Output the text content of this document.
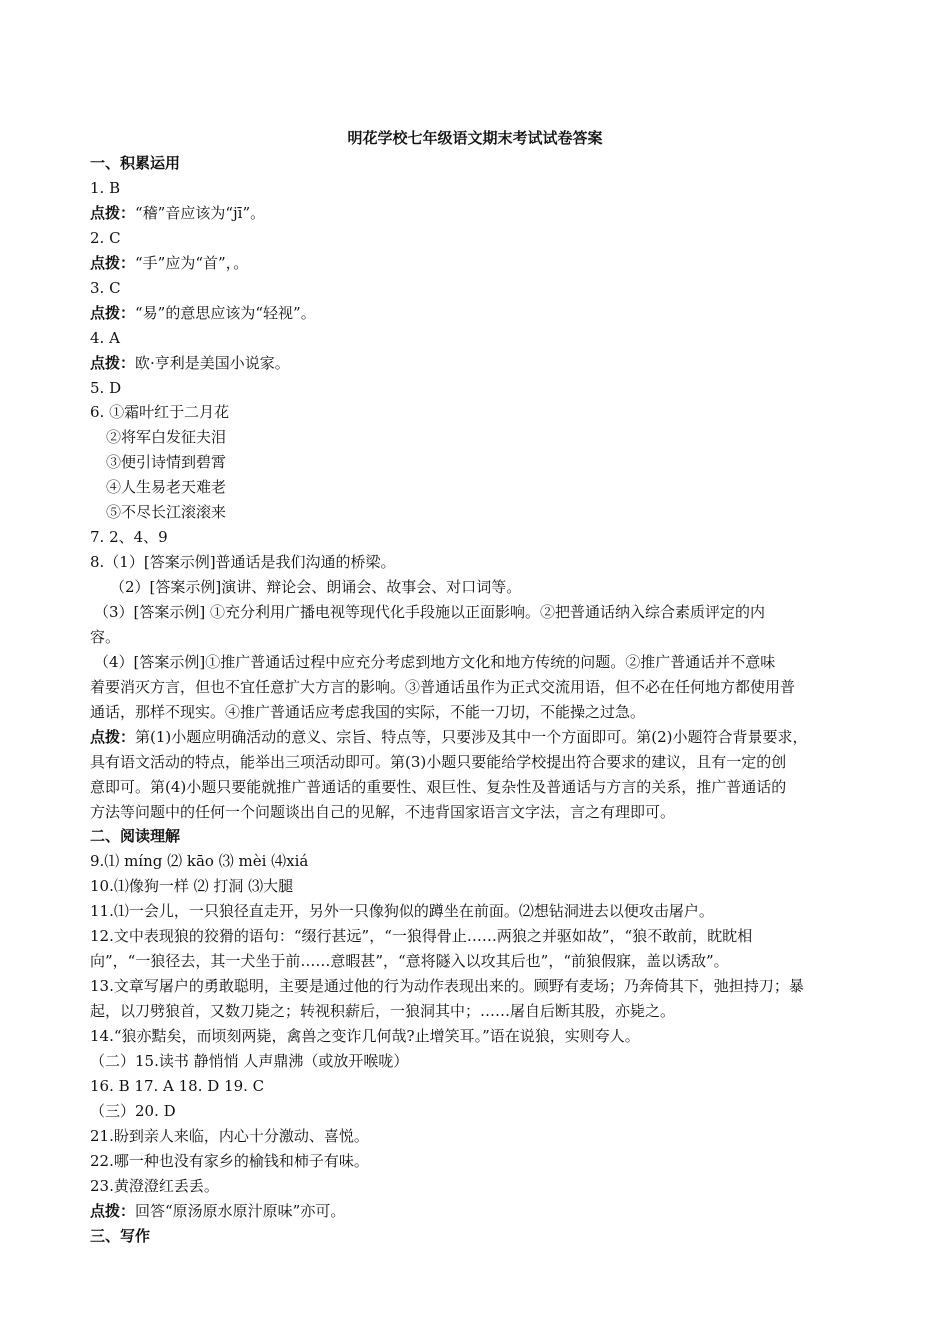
明花学校七年级语文期末考试试卷答案
一、积累运用
1. B
点拨：“稽”音应该为“jī”。
2. C
点拨：“手”应为“首”，。
3. C
点拨：“易”的意思应该为“轻视”。
4. A
点拨：欧·亨利是美国小说家。
5. D
6. ①霜叶红于二月花
②将军白发征夫泪
③便引诗情到碧霄
④人生易老天难老
⑤不尽长江滚滚来
7. 2、4、9
8.（1）[答案示例]普通话是我们沟通的桥梁。
（2）[答案示例]演讲、辩论会、朗诵会、故事会、对口词等。
（3）[答案示例] ①充分利用广播电视等现代化手段施以正面影响。②把普通话纳入综合素质评定的内
容。
（4）[答案示例]①推广普通话过程中应充分考虑到地方文化和地方传统的问题。②推广普通话并不意味
着要消灭方言，但也不宜任意扩大方言的影响。③普通话虽作为正式交流用语，但不必在任何地方都使用普
通话，那样不现实。④推广普通话应考虑我国的实际，不能一刀切，不能操之过急。
点拨：第(1)小题应明确活动的意义、宗旨、特点等，只要涉及其中一个方面即可。第(2)小题符合背景要求，
具有语文活动的特点，能举出三项活动即可。第(3)小题只要能给学校提出符合要求的建议，且有一定的创
意即可。第(4)小题只要能就推广普通话的重要性、艰巨性、复杂性及普通话与方言的关系，推广普通话的
方法等问题中的任何一个问题谈出自己的见解，不违背国家语言文字法，言之有理即可。
二、阅读理解
9.⑴ míng ⑵ kāo ⑶ mèi ⑷xiá
10.⑴像狗一样 ⑵ 打洞 ⑶大腿
11.⑴一会儿，一只狼径直走开，另外一只像狗似的蹲坐在前面。⑵想钻洞进去以便攻击屠户。
12.文中表现狼的狡猾的语句：“缀行甚远”，“一狼得骨止……两狼之并驱如故”，“狼不敢前，眈眈相
向”，“一狼径去，其一犬坐于前……意暇甚”，“意将隧入以攻其后也”，“前狼假寐，盖以诱敌”。
13.文章写屠户的勇敢聪明，主要是通过他的行为动作表现出来的。顾野有麦场；乃奔倚其下，弛担持刀；暴
起，以刀劈狼首，又数刀毙之；转视积薪后，一狼洞其中；……屠自后断其股，亦毙之。
14.“狼亦黠矣，而顷刻两毙，禽兽之变诈几何哉?止增笑耳。”语在说狼，实则夸人。
（二）15.读书 静悄悄 人声鼎沸（或放开喉咙）
16. B 17. A 18. D 19. C
（三）20. D
21.盼到亲人来临，内心十分激动、喜悦。
22.哪一种也没有家乡的榆钱和柿子有味。
23.黄澄澄红丢丢。
点拨：回答“原汤原水原汁原味”亦可。
三、写作
